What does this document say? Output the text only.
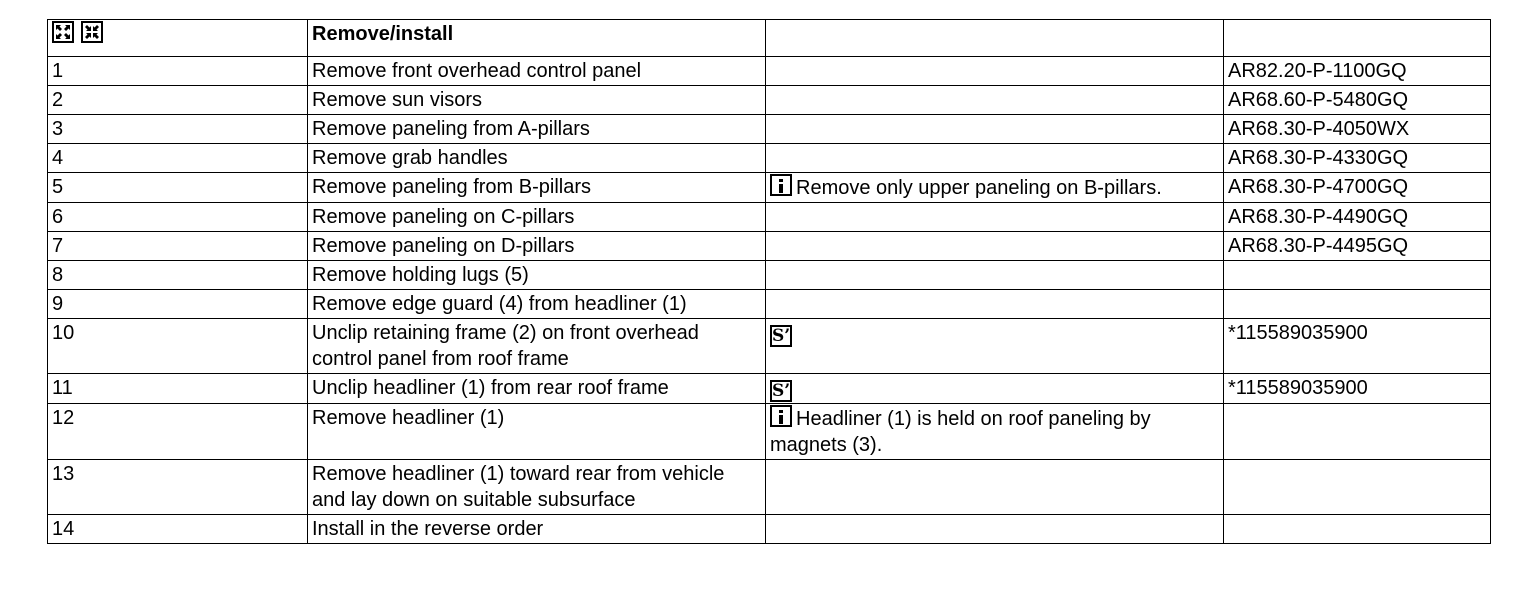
	Remove/install		
1	Remove front overhead control panel		AR82.20-P-1100GQ
2	Remove sun visors		AR68.60-P-5480GQ
3	Remove paneling from A-pillars		AR68.30-P-4050WX
4	Remove grab handles		AR68.30-P-4330GQ
5	Remove paneling from B-pillars	Remove only upper paneling on B-pillars.	AR68.30-P-4700GQ
6	Remove paneling on C-pillars		AR68.30-P-4490GQ
7	Remove paneling on D-pillars		AR68.30-P-4495GQ
8	Remove holding lugs (5)		
9	Remove edge guard (4) from headliner (1)		
10	Unclip retaining frame (2) on front overhead control panel from roof frame	S’	*115589035900
11	Unclip headliner (1) from rear roof frame	S’	*115589035900
12	Remove headliner (1)	Headliner (1) is held on roof paneling by magnets (3).	
13	Remove headliner (1) toward rear from vehicle and lay down on suitable subsurface		
14	Install in the reverse order		
